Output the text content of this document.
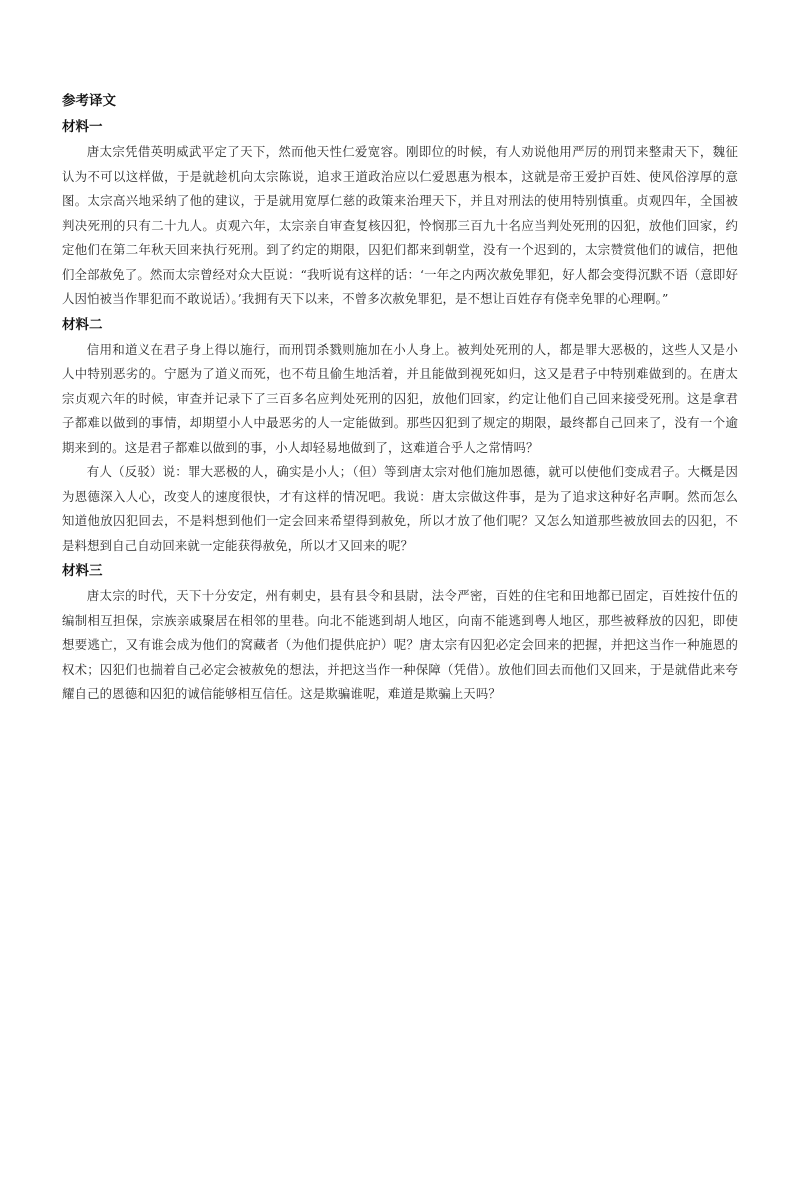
参考译文
材料一

唐太宗凭借英明威武平定了天下，然而他天性仁爱宽容。刚即位的时候，有人劝说他用严厉的刑罚来整肃天下，魏征认为不可以这样做，于是就趁机向太宗陈说，追求王道政治应以仁爱恩惠为根本，这就是帝王爱护百姓、使风俗淳厚的意图。太宗高兴地采纳了他的建议，于是就用宽厚仁慈的政策来治理天下，并且对刑法的使用特别慎重。贞观四年，全国被判决死刑的只有二十九人。贞观六年，太宗亲自审查复核囚犯，怜悯那三百九十名应当判处死刑的囚犯，放他们回家，约定他们在第二年秋天回来执行死刑。到了约定的期限，囚犯们都来到朝堂，没有一个迟到的，太宗赞赏他们的诚信，把他们全部赦免了。然而太宗曾经对众大臣说：“我听说有这样的话：‘一年之内两次赦免罪犯，好人都会变得沉默不语（意即好人因怕被当作罪犯而不敢说话）。’我拥有天下以来，不曾多次赦免罪犯，是不想让百姓存有侥幸免罪的心理啊。”

材料二

信用和道义在君子身上得以施行，而刑罚杀戮则施加在小人身上。被判处死刑的人，都是罪大恶极的，这些人又是小人中特别恶劣的。宁愿为了道义而死，也不苟且偷生地活着，并且能做到视死如归，这又是君子中特别难做到的。在唐太宗贞观六年的时候，审查并记录下了三百多名应判处死刑的囚犯，放他们回家，约定让他们自己回来接受死刑。这是拿君子都难以做到的事情，却期望小人中最恶劣的人一定能做到。那些囚犯到了规定的期限，最终都自己回来了，没有一个逾期来到的。这是君子都难以做到的事，小人却轻易地做到了，这难道合乎人之常情吗？

有人（反驳）说：罪大恶极的人，确实是小人；（但）等到唐太宗对他们施加恩德，就可以使他们变成君子。大概是因为恩德深入人心，改变人的速度很快，才有这样的情况吧。我说：唐太宗做这件事，是为了追求这种好名声啊。然而怎么知道他放囚犯回去，不是料想到他们一定会回来希望得到赦免，所以才放了他们呢？又怎么知道那些被放回去的囚犯，不是料想到自己自动回来就一定能获得赦免，所以才又回来的呢？

材料三

唐太宗的时代，天下十分安定，州有刺史，县有县令和县尉，法令严密，百姓的住宅和田地都已固定，百姓按什伍的编制相互担保，宗族亲戚聚居在相邻的里巷。向北不能逃到胡人地区，向南不能逃到粤人地区，那些被释放的囚犯，即使想要逃亡，又有谁会成为他们的窝藏者（为他们提供庇护）呢？唐太宗有囚犯必定会回来的把握，并把这当作一种施恩的权术；囚犯们也揣着自己必定会被赦免的想法，并把这当作一种保障（凭借）。放他们回去而他们又回来，于是就借此来夸耀自己的恩德和囚犯的诚信能够相互信任。这是欺骗谁呢，难道是欺骗上天吗？
